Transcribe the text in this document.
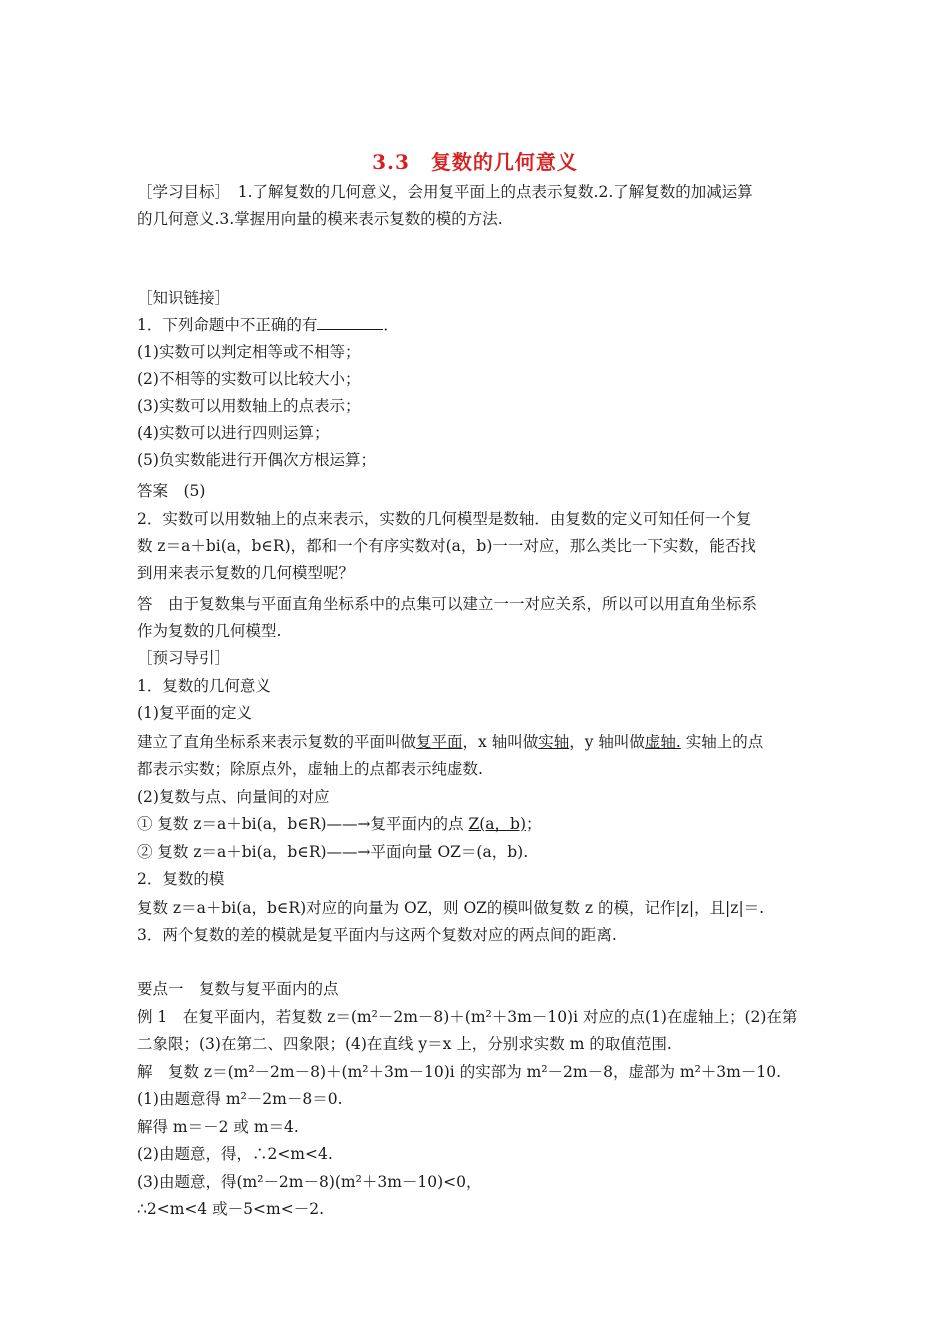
3.3　复数的几何意义
［学习目标］　1.了解复数的几何意义，会用复平面上的点表示复数.2.了解复数的加减运算
的几何意义.3.掌握用向量的模来表示复数的模的方法.
［知识链接］
1．下列命题中不正确的有	．
(1)实数可以判定相等或不相等；
(2)不相等的实数可以比较大小；
(3)实数可以用数轴上的点表示；
(4)实数可以进行四则运算；
(5)负实数能进行开偶次方根运算；
答案　(5)
2．实数可以用数轴上的点来表示，实数的几何模型是数轴．由复数的定义可知任何一个复
数 z＝a＋bi(a，b∈R)，都和一个有序实数对(a，b)一一对应，那么类比一下实数，能否找
到用来表示复数的几何模型呢？
答　由于复数集与平面直角坐标系中的点集可以建立一一对应关系，所以可以用直角坐标系
作为复数的几何模型.
［预习导引］
1．复数的几何意义
(1)复平面的定义
建立了直角坐标系来表示复数的平面叫做复平面，x 轴叫做实轴，y 轴叫做虚轴. 实轴上的点
都表示实数；除原点外，虚轴上的点都表示纯虚数.
(2)复数与点、向量间的对应
① 复数 z＝a＋bi(a，b∈R)——→复平面内的点 Z(a，b)；
② 复数 z＝a＋bi(a，b∈R)——→平面向量 OZ＝(a，b).
2．复数的模
复数 z＝a＋bi(a，b∈R)对应的向量为 OZ，则 OZ的模叫做复数 z 的模，记作|z|，且|z|＝.
3．两个复数的差的模就是复平面内与这两个复数对应的两点间的距离.
要点一　复数与复平面内的点
例 1　在复平面内，若复数 z＝(m²－2m－8)＋(m²＋3m－10)i 对应的点(1)在虚轴上；(2)在第
二象限；(3)在第二、四象限；(4)在直线 y＝x 上，分别求实数 m 的取值范围.
解　复数 z＝(m²－2m－8)＋(m²＋3m－10)i 的实部为 m²－2m－8，虚部为 m²＋3m－10.
(1)由题意得 m²－2m－8＝0.
解得 m＝－2 或 m＝4.
(2)由题意，得，∴2<m<4.
(3)由题意，得(m²－2m－8)(m²＋3m－10)<0，
∴2<m<4 或－5<m<－2.
